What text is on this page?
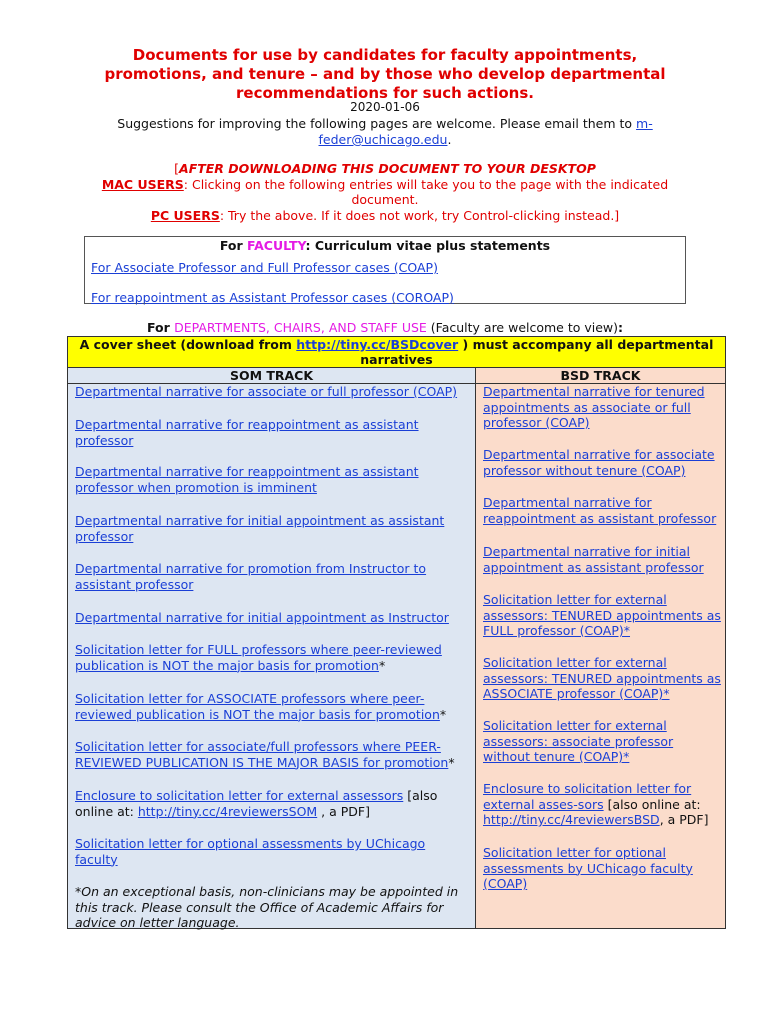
Documents for use by candidates for faculty appointments, promotions, and tenure – and by those who develop departmental recommendations for such actions.
2020-01-06
Suggestions for improving the following pages are welcome. Please email them to m-feder@uchicago.edu.
[AFTER DOWNLOADING THIS DOCUMENT TO YOUR DESKTOP
MAC USERS: Clicking on the following entries will take you to the page with the indicated document.
PC USERS: Try the above. If it does not work, try Control-clicking instead.]
For FACULTY: Curriculum vitae plus statements
For Associate Professor and Full Professor cases (COAP)
For reappointment as Assistant Professor cases (COROAP)
For DEPARTMENTS, CHAIRS, AND STAFF USE (Faculty are welcome to view):
A cover sheet (download from http://tiny.cc/BSDcover ) must accompany all departmental narratives
SOM TRACK
Departmental narrative for associate or full professor (COAP)
Departmental narrative for reappointment as assistant professor
Departmental narrative for reappointment as assistant professor when promotion is imminent
Departmental narrative for initial appointment as assistant professor
Departmental narrative for promotion from Instructor to assistant professor
Departmental narrative for initial appointment as Instructor
Solicitation letter for FULL professors where peer-reviewed publication is NOT the major basis for promotion*
Solicitation letter for ASSOCIATE professors where peer-reviewed publication is NOT the major basis for promotion*
Solicitation letter for associate/full professors where PEER-REVIEWED PUBLICATION IS THE MAJOR BASIS for promotion*
Enclosure to solicitation letter for external assessors [also online at: http://tiny.cc/4reviewersSOM , a PDF]
Solicitation letter for optional assessments by UChicago faculty
*On an exceptional basis, non-clinicians may be appointed in this track. Please consult the Office of Academic Affairs for advice on letter language.
BSD TRACK
Departmental narrative for tenured appointments as associate or full professor (COAP)
Departmental narrative for associate professor without tenure (COAP)
Departmental narrative for reappointment as assistant professor
Departmental narrative for initial appointment as assistant professor
Solicitation letter for external assessors: TENURED appointments as FULL professor (COAP)*
Solicitation letter for external assessors: TENURED appointments as ASSOCIATE professor (COAP)*
Solicitation letter for external assessors: associate professor without tenure (COAP)*
Enclosure to solicitation letter for external asses-sors [also online at: http://tiny.cc/4reviewersBSD, a PDF]
Solicitation letter for optional assessments by UChicago faculty (COAP)
